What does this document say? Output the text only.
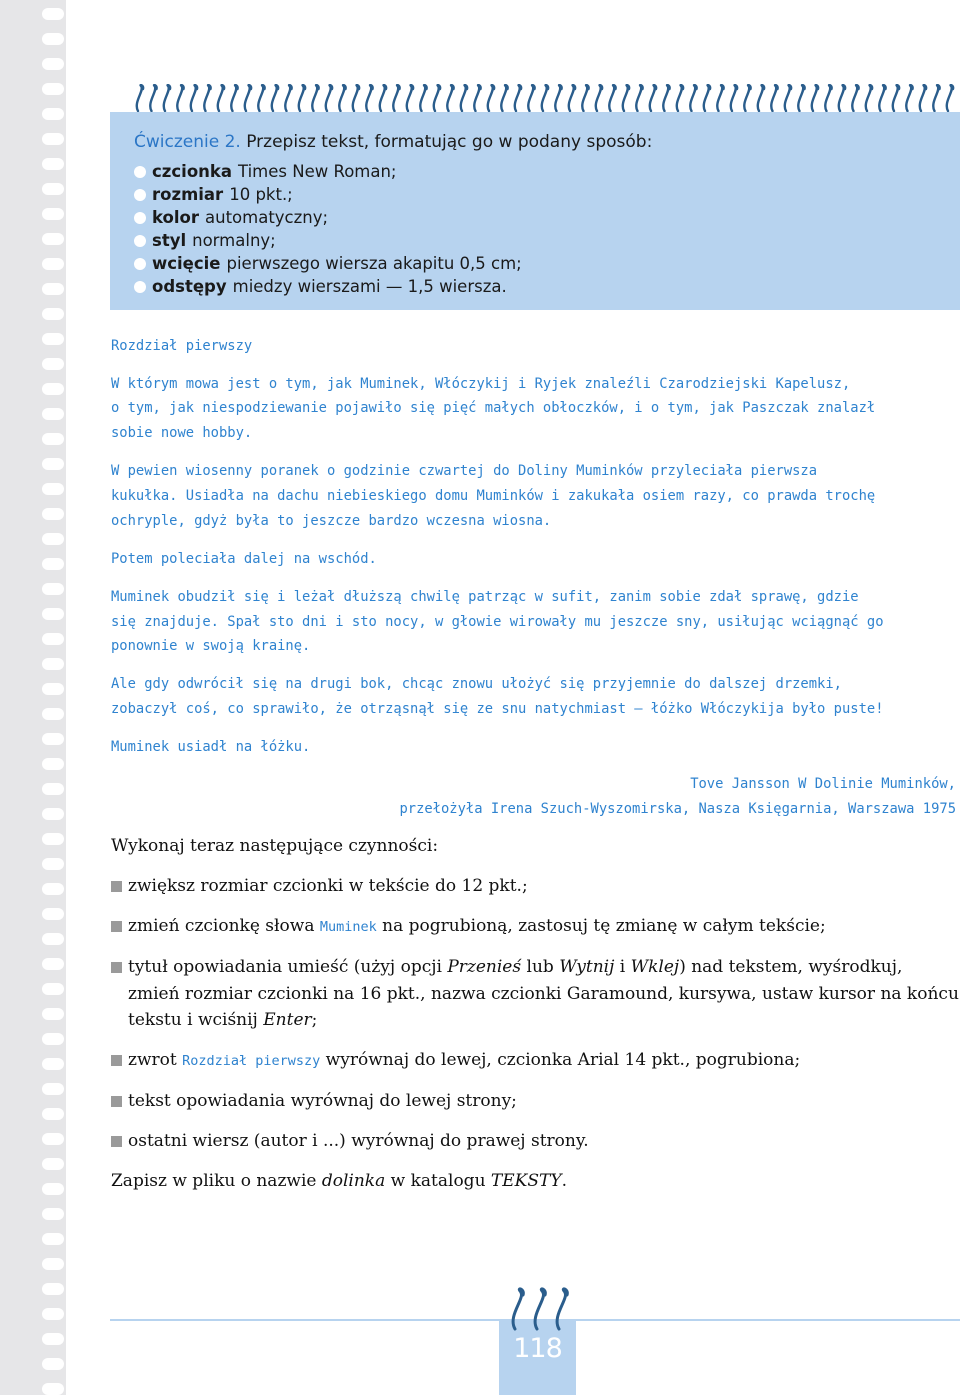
Ćwiczenie 2. Przepisz tekst, formatując go w podany sposób:

czcionka Times New Roman;
rozmiar 10 pkt.;
kolor automatyczny;
styl normalny;
wcięcie pierwszego wiersza akapitu 0,5 cm;
odstępy miedzy wierszami — 1,5 wiersza.

Rozdział pierwszy

W którym mowa jest o tym, jak Muminek, Włóczykij i Ryjek znaleźli Czarodziejski Kapelusz,
o tym, jak niespodziewanie pojawiło się pięć małych obłoczków, i o tym, jak Paszczak znalazł
sobie nowe hobby.

W pewien wiosenny poranek o godzinie czwartej do Doliny Muminków przyleciała pierwsza
kukułka. Usiadła na dachu niebieskiego domu Muminków i zakukała osiem razy, co prawda trochę
ochryple, gdyż była to jeszcze bardzo wczesna wiosna.

Potem poleciała dalej na wschód.

Muminek obudził się i leżał dłuższą chwilę patrząc w sufit, zanim sobie zdał sprawę, gdzie
się znajduje. Spał sto dni i sto nocy, w głowie wirowały mu jeszcze sny, usiłując wciągnąć go
ponownie w swoją krainę.

Ale gdy odwrócił się na drugi bok, chcąc znowu ułożyć się przyjemnie do dalszej drzemki,
zobaczył coś, co sprawiło, że otrząsnął się ze snu natychmiast – łóżko Włóczykija było puste!

Muminek usiadł na łóżku.

Tove Jansson W Dolinie Muminków,
przełożyła Irena Szuch-Wyszomirska, Nasza Księgarnia, Warszawa 1975

Wykonaj teraz następujące czynności:

zwiększ rozmiar czcionki w tekście do 12 pkt.;
zmień czcionkę słowa Muminek na pogrubioną, zastosuj tę zmianę w całym tekście;
tytuł opowiadania umieść (użyj opcji Przenieś lub Wytnij i Wklej) nad tekstem, wyśrodkuj, zmień rozmiar czcionki na 16 pkt., nazwa czcionki Garamound, kursywa, ustaw kursor na końcu tekstu i wciśnij Enter;
zwrot Rozdział pierwszy wyrównaj do lewej, czcionka Arial 14 pkt., pogrubiona;
tekst opowiadania wyrównaj do lewej strony;
ostatni wiersz (autor i ...) wyrównaj do prawej strony.

Zapisz w pliku o nazwie dolinka w katalogu TEKSTY.

118
